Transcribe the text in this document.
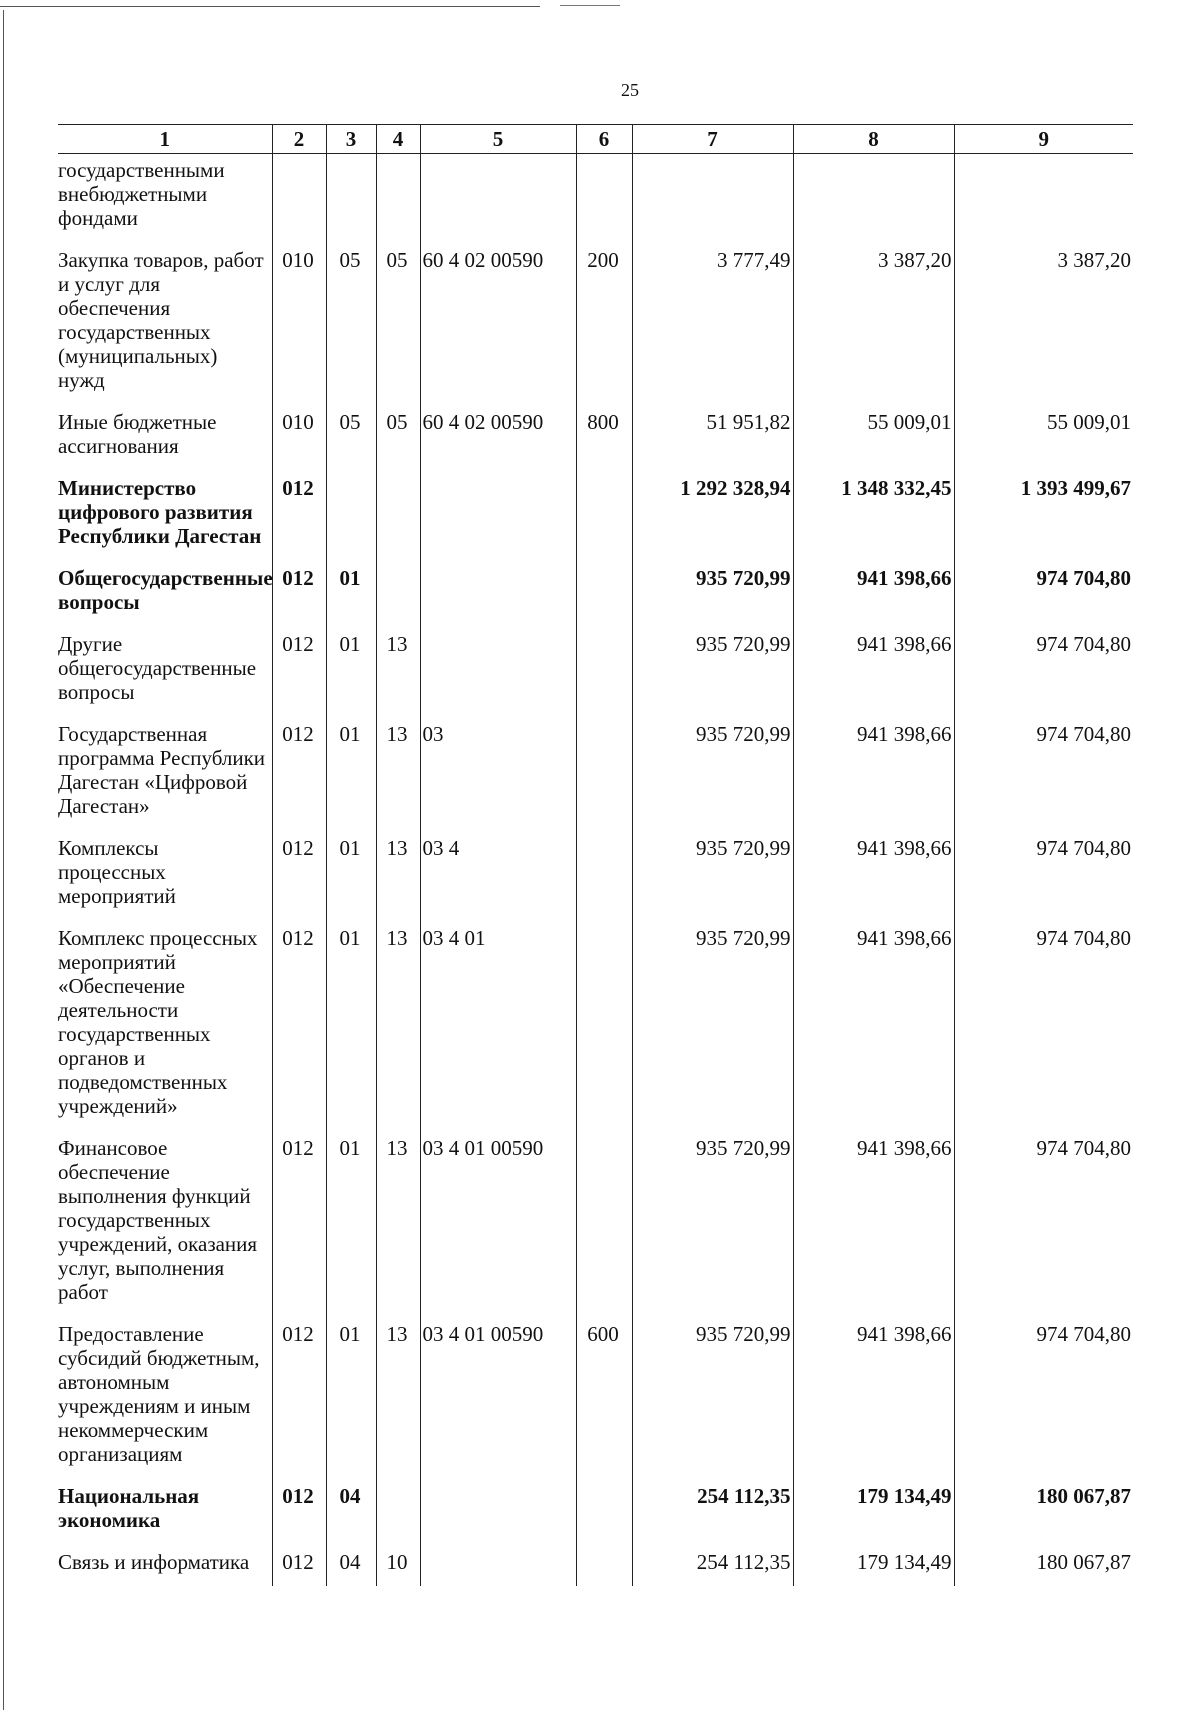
25
1	2	3	4	5	6	7	8	9
государственными внебюджетными фондами								
Закупка товаров, работ и услуг для обеспечения государственных (муниципальных) нужд	010	05	05	60 4 02 00590	200	3 777,49	3 387,20	3 387,20
Иные бюджетные ассигнования	010	05	05	60 4 02 00590	800	51 951,82	55 009,01	55 009,01
Министерство цифрового развития Республики Дагестан	012					1 292 328,94	1 348 332,45	1 393 499,67
Общегосударственные вопросы	012	01				935 720,99	941 398,66	974 704,80
Другие общегосударственные вопросы	012	01	13			935 720,99	941 398,66	974 704,80
Государственная программа Республики Дагестан «Цифровой Дагестан»	012	01	13	03		935 720,99	941 398,66	974 704,80
Комплексы процессных мероприятий	012	01	13	03 4		935 720,99	941 398,66	974 704,80
Комплекс процессных мероприятий «Обеспечение деятельности государственных органов и подведомственных учреждений»	012	01	13	03 4 01		935 720,99	941 398,66	974 704,80
Финансовое обеспечение выполнения функций государственных учреждений, оказания услуг, выполнения работ	012	01	13	03 4 01 00590		935 720,99	941 398,66	974 704,80
Предоставление субсидий бюджетным, автономным учреждениям и иным некоммерческим организациям	012	01	13	03 4 01 00590	600	935 720,99	941 398,66	974 704,80
Национальная экономика	012	04				254 112,35	179 134,49	180 067,87
Связь и информатика	012	04	10			254 112,35	179 134,49	180 067,87
